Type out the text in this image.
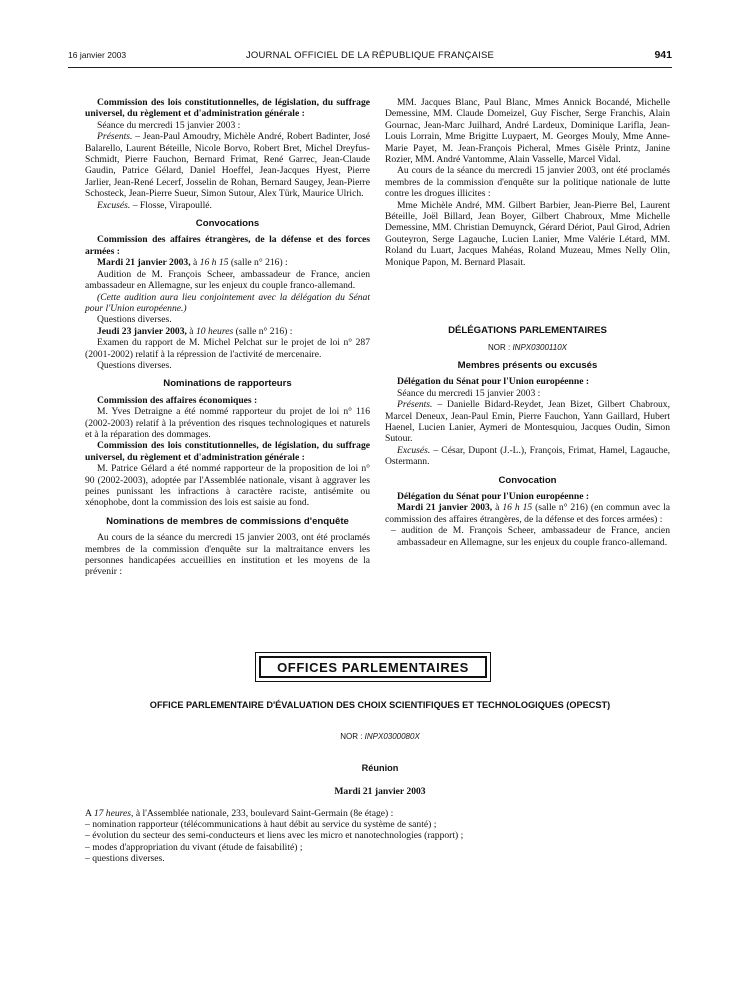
16 janvier 2003	JOURNAL OFFICIEL DE LA RÉPUBLIQUE FRANÇAISE	941

Commission des lois constitutionnelles, de législation, du suffrage universel, du règlement et d'administration générale :

Séance du mercredi 15 janvier 2003 :

Présents. – Jean-Paul Amoudry, Michèle André, Robert Badinter, José Balarello, Laurent Béteille, Nicole Borvo, Robert Bret, Michel Dreyfus-Schmidt, Pierre Fauchon, Bernard Frimat, René Garrec, Jean-Claude Gaudin, Patrice Gélard, Daniel Hoeffel, Jean-Jacques Hyest, Pierre Jarlier, Jean-René Lecerf, Josselin de Rohan, Bernard Saugey, Jean-Pierre Schosteck, Jean-Pierre Sueur, Simon Sutour, Alex Türk, Maurice Ulrich.

Excusés. – Flosse, Virapoullé.

Convocations

Commission des affaires étrangères, de la défense et des forces armées :

Mardi 21 janvier 2003, à 16 h 15 (salle n° 216) :

Audition de M. François Scheer, ambassadeur de France, ancien ambassadeur en Allemagne, sur les enjeux du couple franco-allemand.

(Cette audition aura lieu conjointement avec la délégation du Sénat pour l'Union européenne.)

Questions diverses.

Jeudi 23 janvier 2003, à 10 heures (salle n° 216) :

Examen du rapport de M. Michel Pelchat sur le projet de loi n° 287 (2001-2002) relatif à la répression de l'activité de mercenaire.

Questions diverses.

Nominations de rapporteurs

Commission des affaires économiques :

M. Yves Detraigne a été nommé rapporteur du projet de loi n° 116 (2002-2003) relatif à la prévention des risques technologiques et naturels et à la réparation des dommages.

Commission des lois constitutionnelles, de législation, du suffrage universel, du règlement et d'administration générale :

M. Patrice Gélard a été nommé rapporteur de la proposition de loi n° 90 (2002-2003), adoptée par l'Assemblée nationale, visant à aggraver les peines punissant les infractions à caractère raciste, antisémite ou xénophobe, dont la commission des lois est saisie au fond.

Nominations de membres de commissions d'enquête

Au cours de la séance du mercredi 15 janvier 2003, ont été proclamés membres de la commission d'enquête sur la maltraitance envers les personnes handicapées accueillies en institution et les moyens de la prévenir :

MM. Jacques Blanc, Paul Blanc, Mmes Annick Bocandé, Michelle Demessine, MM. Claude Domeizel, Guy Fischer, Serge Franchis, Alain Gournac, Jean-Marc Juilhard, André Lardeux, Dominique Larifla, Jean-Louis Lorrain, Mme Brigitte Luypaert, M. Georges Mouly, Mme Anne-Marie Payet, M. Jean-François Picheral, Mmes Gisèle Printz, Janine Rozier, MM. André Vantomme, Alain Vasselle, Marcel Vidal.

Au cours de la séance du mercredi 15 janvier 2003, ont été proclamés membres de la commission d'enquête sur la politique nationale de lutte contre les drogues illicites :

Mme Michèle André, MM. Gilbert Barbier, Jean-Pierre Bel, Laurent Béteille, Joël Billard, Jean Boyer, Gilbert Chabroux, Mme Michelle Demessine, MM. Christian Demuynck, Gérard Dériot, Paul Girod, Adrien Gouteyron, Serge Lagauche, Lucien Lanier, Mme Valérie Létard, MM. Roland du Luart, Jacques Mahéas, Roland Muzeau, Mmes Nelly Olin, Monique Papon, M. Bernard Plasait.

DÉLÉGATIONS PARLEMENTAIRES

NOR : INPX0300110X

Membres présents ou excusés

Délégation du Sénat pour l'Union européenne :

Séance du mercredi 15 janvier 2003 :

Présents. – Danielle Bidard-Reydet, Jean Bizet, Gilbert Chabroux, Marcel Deneux, Jean-Paul Emin, Pierre Fauchon, Yann Gaillard, Hubert Haenel, Lucien Lanier, Aymeri de Montesquiou, Jacques Oudin, Simon Sutour.

Excusés. – César, Dupont (J.-L.), François, Frimat, Hamel, Lagauche, Ostermann.

Convocation

Délégation du Sénat pour l'Union européenne :

Mardi 21 janvier 2003, à 16 h 15 (salle n° 216) (en commun avec la commission des affaires étrangères, de la défense et des forces armées) :

– audition de M. François Scheer, ambassadeur de France, ancien ambassadeur en Allemagne, sur les enjeux du couple franco-allemand.

OFFICES PARLEMENTAIRES

OFFICE PARLEMENTAIRE D'ÉVALUATION DES CHOIX SCIENTIFIQUES ET TECHNOLOGIQUES (OPECST)

NOR : INPX0300080X

Réunion

Mardi 21 janvier 2003

A 17 heures, à l'Assemblée nationale, 233, boulevard Saint-Germain (8e étage) :

– nomination rapporteur (télécommunications à haut débit au service du système de santé) ;

– évolution du secteur des semi-conducteurs et liens avec les micro et nanotechnologies (rapport) ;

– modes d'appropriation du vivant (étude de faisabilité) ;

– questions diverses.
